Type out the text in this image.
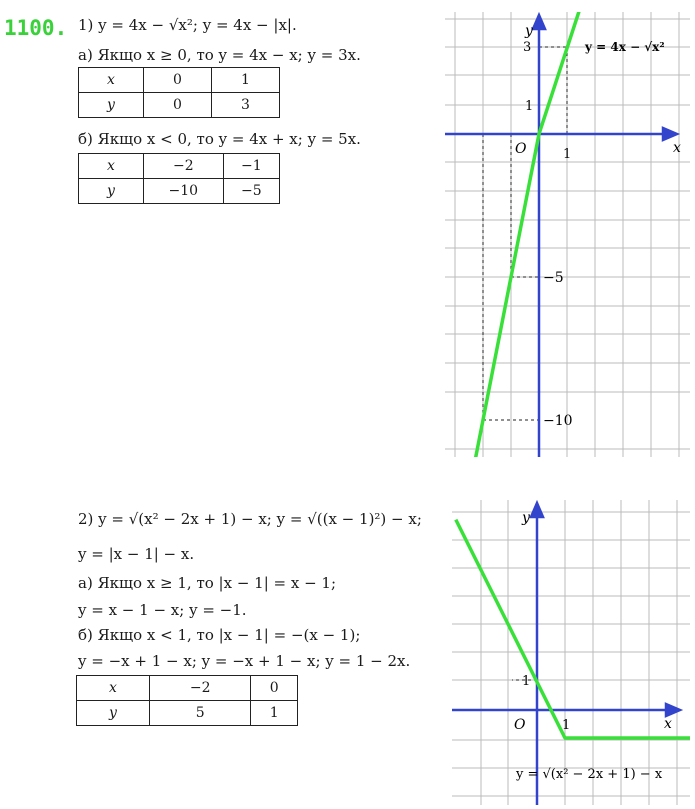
1100. 1) y = 4x − √x²; y = 4x − |x|.
а) Якщо x ≥ 0, то y = 4x − x; y = 3x.
x	0	1
y	0	3
б) Якщо x < 0, то y = 4x + x; y = 5x.
x	−2	−1
y	−10	−5
y
x
O
3
1
1
−5
−10
y = 4x − √x²
2) y = √(x² − 2x + 1) − x; y = √((x − 1)²) − x;
y = |x − 1| − x.
а) Якщо x ≥ 1, то |x − 1| = x − 1;
y = x − 1 − x; y = −1.
б) Якщо x < 1, то |x − 1| = −(x − 1);
y = −x + 1 − x; y = −x + 1 − x; y = 1 − 2x.
x	−2	0
y	5	1
y
x
O
1
1
y = √(x² − 2x + 1) − x
